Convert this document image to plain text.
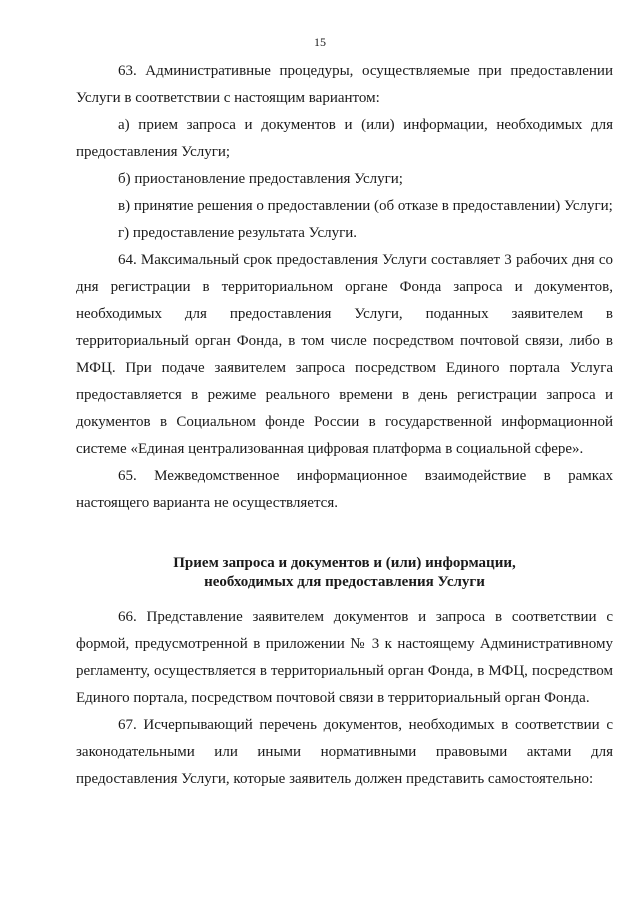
15

63. Административные процедуры, осуществляемые при предоставлении Услуги в соответствии с настоящим вариантом:

а) прием запроса и документов и (или) информации, необходимых для предоставления Услуги;

б) приостановление предоставления Услуги;

в) принятие решения о предоставлении (об отказе в предоставлении) Услуги;

г) предоставление результата Услуги.

64. Максимальный срок предоставления Услуги составляет 3 рабочих дня со дня регистрации в территориальном органе Фонда запроса и документов, необходимых для предоставления Услуги, поданных заявителем в территориальный орган Фонда, в том числе посредством почтовой связи, либо в МФЦ. При подаче заявителем запроса посредством Единого портала Услуга предоставляется в режиме реального времени в день регистрации запроса и документов в Социальном фонде России в государственной информационной системе «Единая централизованная цифровая платформа в социальной сфере».

65. Межведомственное информационное взаимодействие в рамках настоящего варианта не осуществляется.

Прием запроса и документов и (или) информации,
необходимых для предоставления Услуги

66. Представление заявителем документов и запроса в соответствии с формой, предусмотренной в приложении № 3 к настоящему Административному регламенту, осуществляется в территориальный орган Фонда, в МФЦ, посредством Единого портала, посредством почтовой связи в территориальный орган Фонда.

67. Исчерпывающий перечень документов, необходимых в соответствии с законодательными или иными нормативными правовыми актами для предоставления Услуги, которые заявитель должен представить самостоятельно:
